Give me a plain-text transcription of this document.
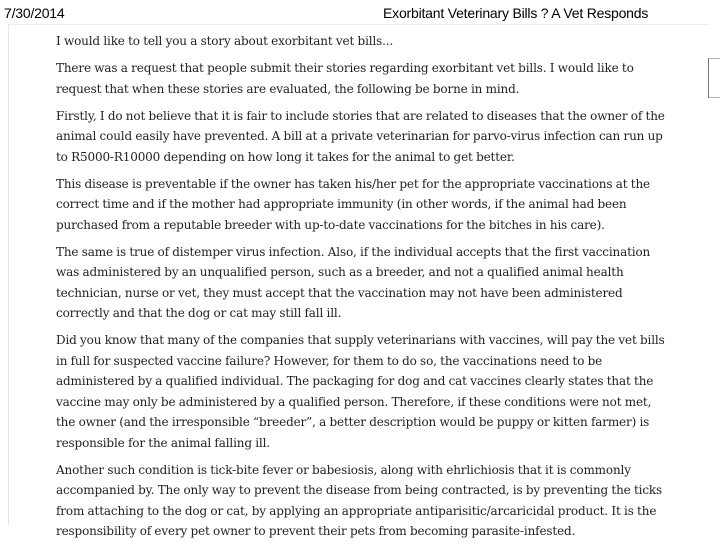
7/30/2014	Exorbitant Veterinary Bills ? A Vet Responds

I would like to tell you a story about exorbitant vet bills...

There was a request that people submit their stories regarding exorbitant vet bills. I would like to request that when these stories are evaluated, the following be borne in mind.

Firstly, I do not believe that it is fair to include stories that are related to diseases that the owner of the animal could easily have prevented. A bill at a private veterinarian for parvo-virus infection can run up to R5000-R10000 depending on how long it takes for the animal to get better.

This disease is preventable if the owner has taken his/her pet for the appropriate vaccinations at the correct time and if the mother had appropriate immunity (in other words, if the animal had been purchased from a reputable breeder with up-to-date vaccinations for the bitches in his care).

The same is true of distemper virus infection. Also, if the individual accepts that the first vaccination was administered by an unqualified person, such as a breeder, and not a qualified animal health technician, nurse or vet, they must accept that the vaccination may not have been administered correctly and that the dog or cat may still fall ill.

Did you know that many of the companies that supply veterinarians with vaccines, will pay the vet bills in full for suspected vaccine failure? However, for them to do so, the vaccinations need to be administered by a qualified individual. The packaging for dog and cat vaccines clearly states that the vaccine may only be administered by a qualified person. Therefore, if these conditions were not met, the owner (and the irresponsible “breeder”, a better description would be puppy or kitten farmer) is responsible for the animal falling ill.

Another such condition is tick-bite fever or babesiosis, along with ehrlichiosis that it is commonly accompanied by. The only way to prevent the disease from being contracted, is by preventing the ticks from attaching to the dog or cat, by applying an appropriate antiparisitic/arcaricidal product. It is the responsibility of every pet owner to prevent their pets from becoming parasite-infested.
